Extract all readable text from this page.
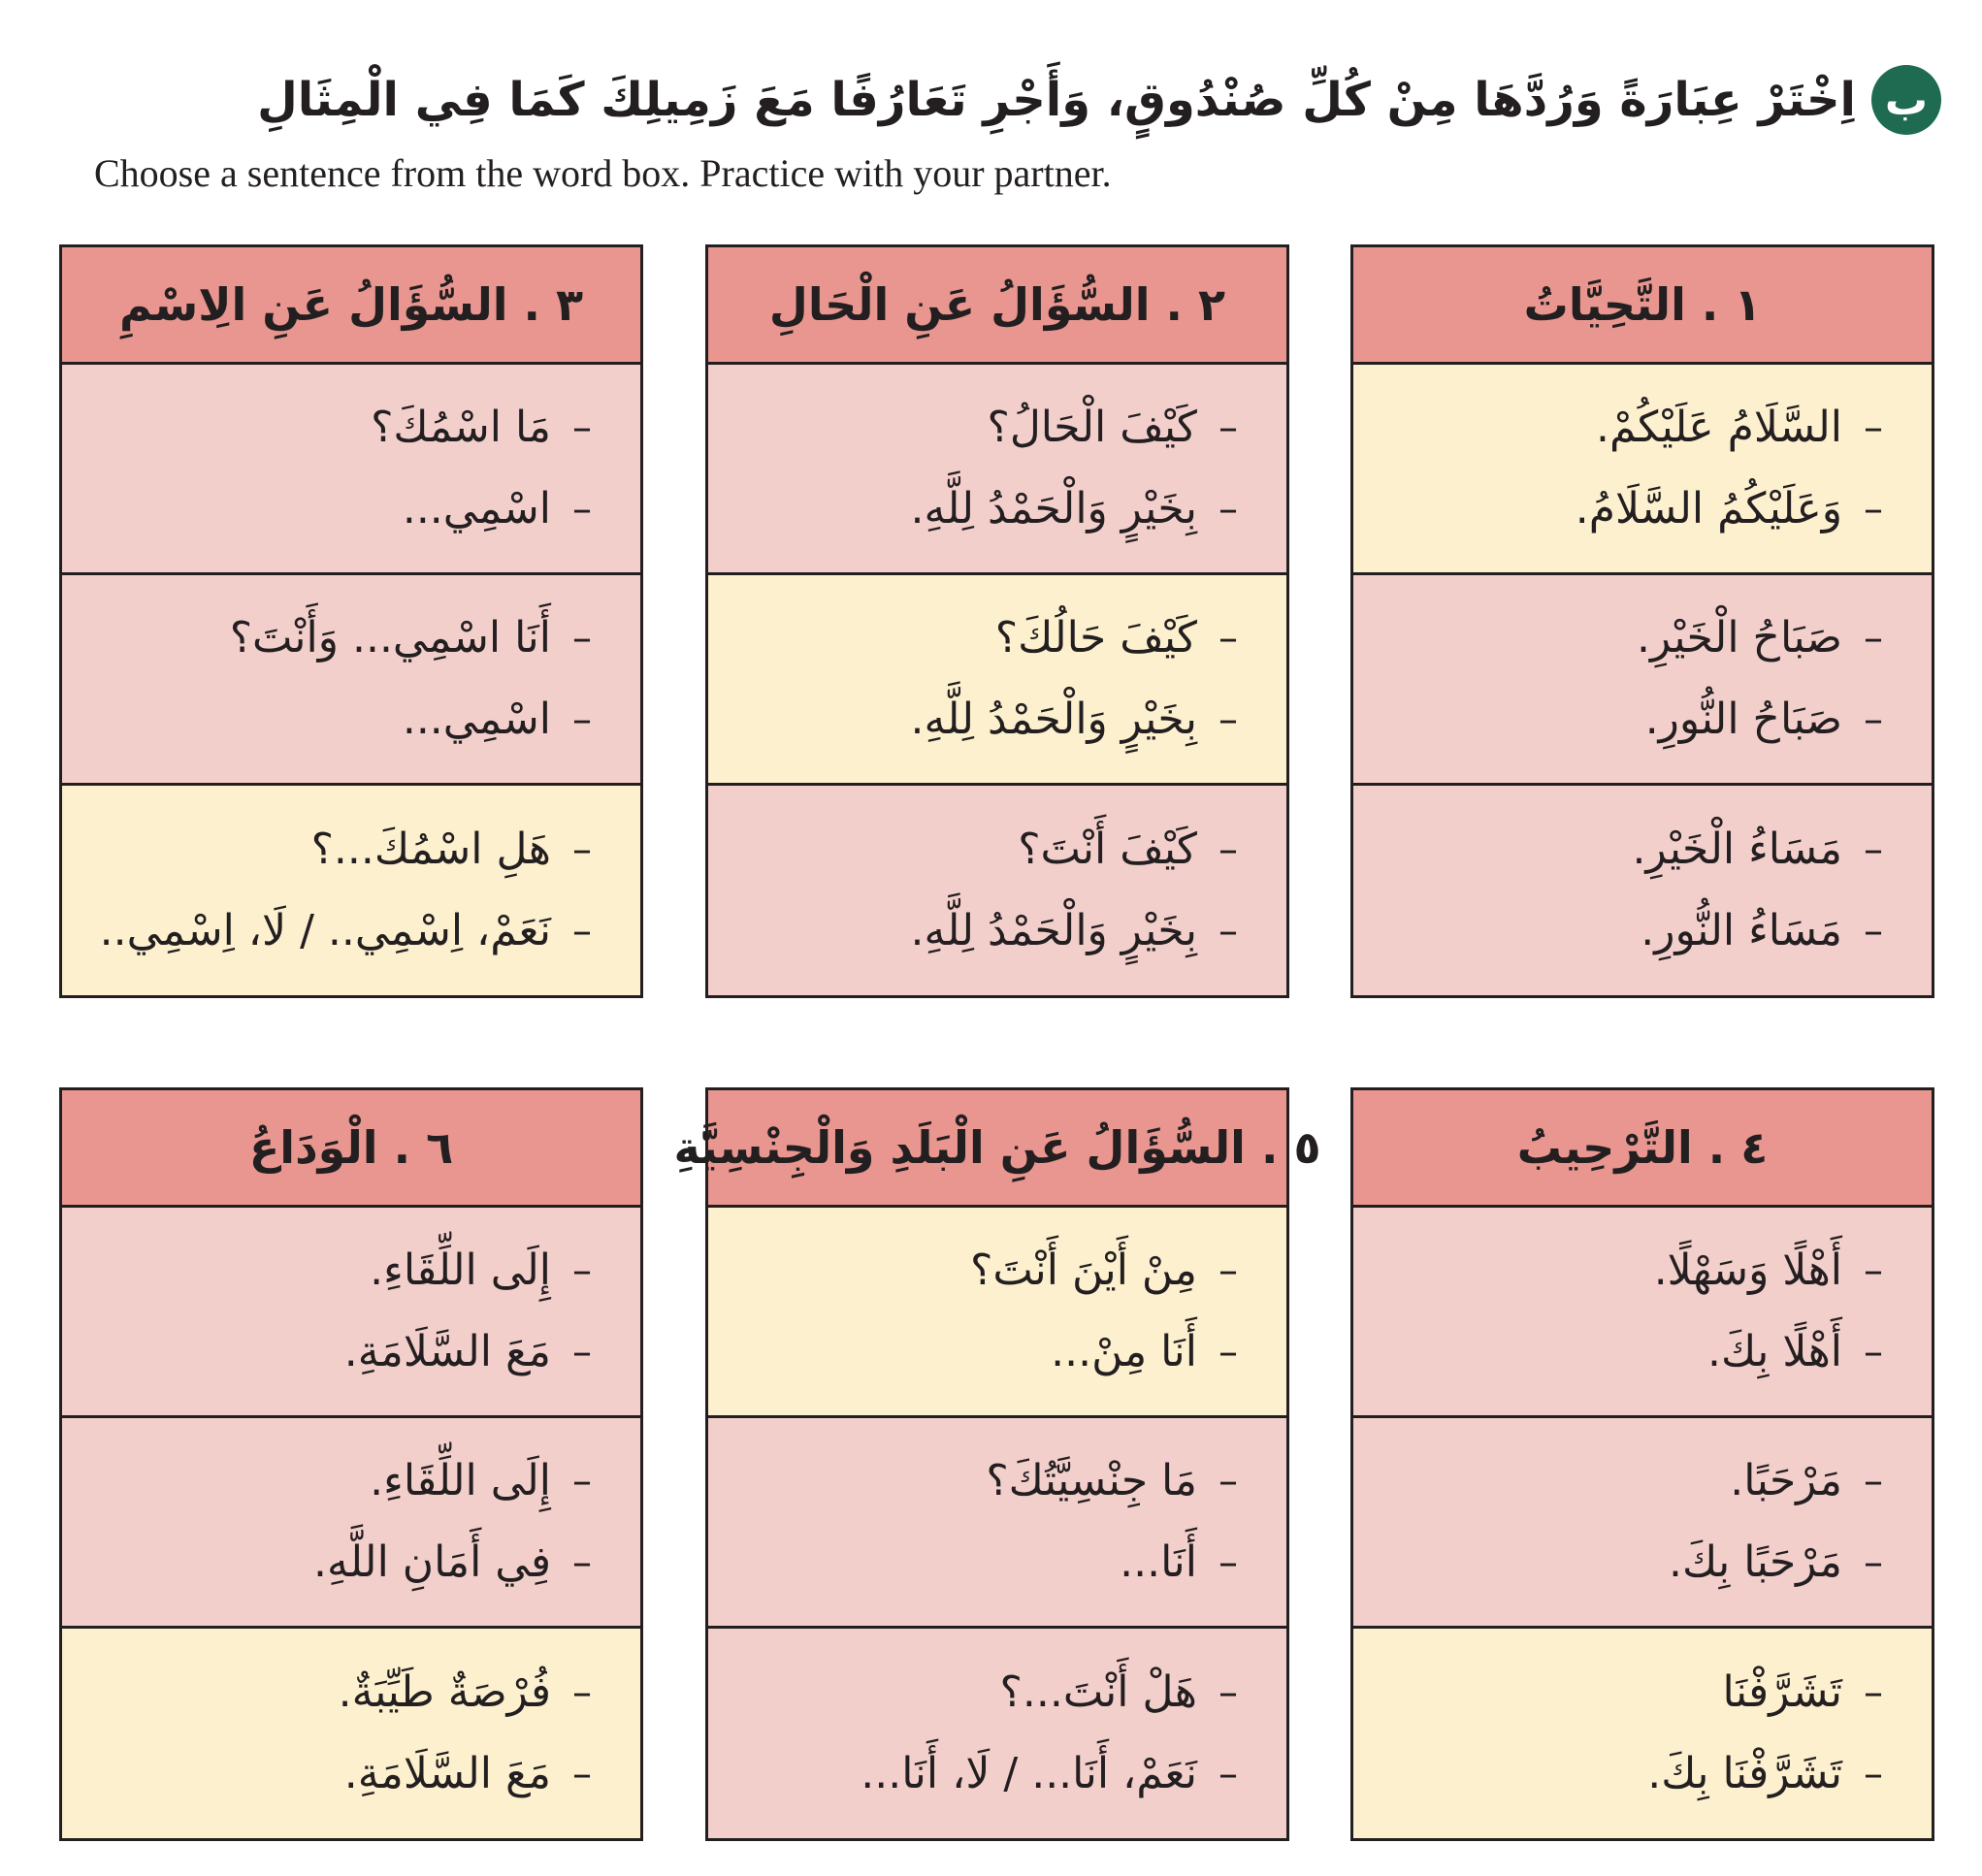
ب
اِخْتَرْ عِبَارَةً وَرُدَّهَا مِنْ كُلِّ صُنْدُوقٍ، وَأَجْرِ تَعَارُفًا مَعَ زَمِيلِكَ كَمَا فِي الْمِثَالِ
Choose a sentence from the word box. Practice with your partner.
١ . التَّحِيَّاتُ
–
السَّلَامُ عَلَيْكُمْ.
–
وَعَلَيْكُمُ السَّلَامُ.
–
صَبَاحُ الْخَيْرِ.
–
صَبَاحُ النُّورِ.
–
مَسَاءُ الْخَيْرِ.
–
مَسَاءُ النُّورِ.
٢ . السُّؤَالُ عَنِ الْحَالِ
–
كَيْفَ الْحَالُ؟
–
بِخَيْرٍ وَالْحَمْدُ لِلَّهِ.
–
كَيْفَ حَالُكَ؟
–
بِخَيْرٍ وَالْحَمْدُ لِلَّهِ.
–
كَيْفَ أَنْتَ؟
–
بِخَيْرٍ وَالْحَمْدُ لِلَّهِ.
٣ . السُّؤَالُ عَنِ الِاسْمِ
–
مَا اسْمُكَ؟
–
اسْمِي...
–
أَنَا اسْمِي... وَأَنْتَ؟
–
اسْمِي...
–
هَلِ اسْمُكَ...؟
–
نَعَمْ، اِسْمِي.. / لَا، اِسْمِي..
٤ . التَّرْحِيبُ
–
أَهْلًا وَسَهْلًا.
–
أَهْلًا بِكَ.
–
مَرْحَبًا.
–
مَرْحَبًا بِكَ.
–
تَشَرَّفْنَا
–
تَشَرَّفْنَا بِكَ.
٥ . السُّؤَالُ عَنِ الْبَلَدِ وَالْجِنْسِيَّةِ
–
مِنْ أَيْنَ أَنْتَ؟
–
أَنَا مِنْ...
–
مَا جِنْسِيَّتُكَ؟
–
أَنَا...
–
هَلْ أَنْتَ...؟
–
نَعَمْ، أَنَا... / لَا، أَنَا...
٦ . الْوَدَاعُ
–
إِلَى اللِّقَاءِ.
–
مَعَ السَّلَامَةِ.
–
إِلَى اللِّقَاءِ.
–
فِي أَمَانِ اللَّهِ.
–
فُرْصَةٌ طَيِّبَةٌ.
–
مَعَ السَّلَامَةِ.
